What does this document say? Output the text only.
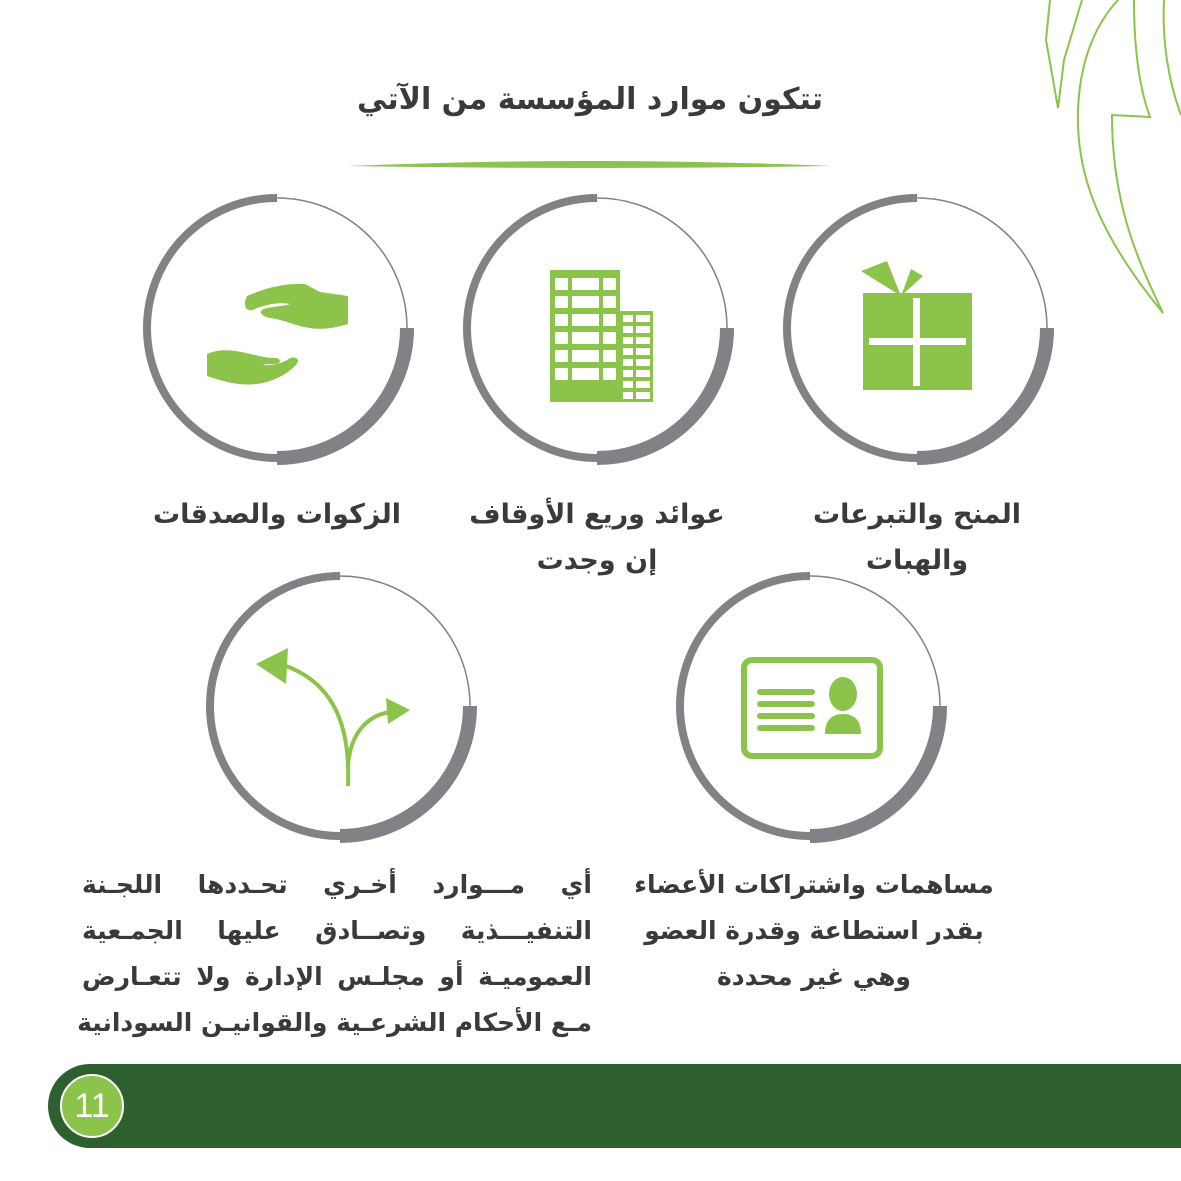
تتكون موارد المؤسسة من الآتي
المنح والتبرعات
والهبات
عوائد وريع الأوقاف
إن وجدت
الزكوات والصدقات
مساهمات واشتراكات الأعضاء
بقدر استطاعة وقدرة العضو
وهي غير محددة
أي مـــوارد أخـري تحـددها اللجـنة
التنفيـــذية وتصــادق عليها الجمـعية
العموميـة أو مجلـس الإدارة ولا تتعـارض
مـع الأحكام الشرعـية والقوانيـن السودانية
11
